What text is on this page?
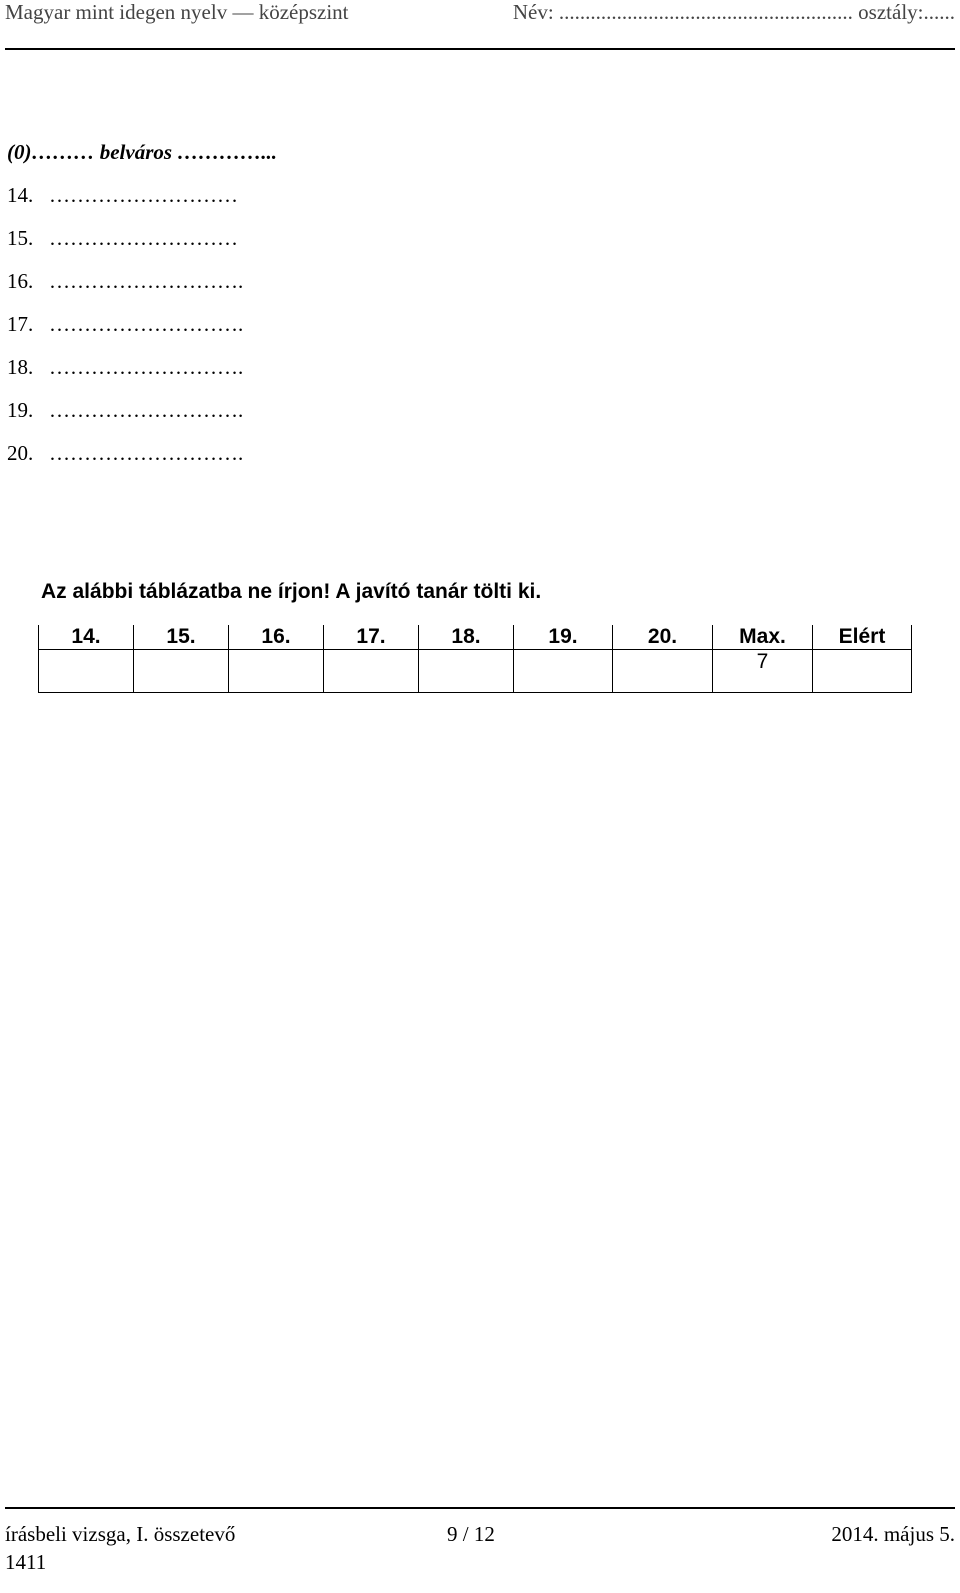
Magyar mint idegen nyelv — középszint	Név: ........................................................ osztály:......
(0)……… belváros …………...
14. ………………………
15. ………………………
16. ……………………….
17. ……………………….
18. ……………………….
19. ……………………….
20. ……………………….
Az alábbi táblázatba ne írjon! A javító tanár tölti ki.
14.	15.	16.	17.	18.	19.	20.	Max.	Elért
							7	
írásbeli vizsga, I. összetevő	9 / 12	2014. május 5.
1411
